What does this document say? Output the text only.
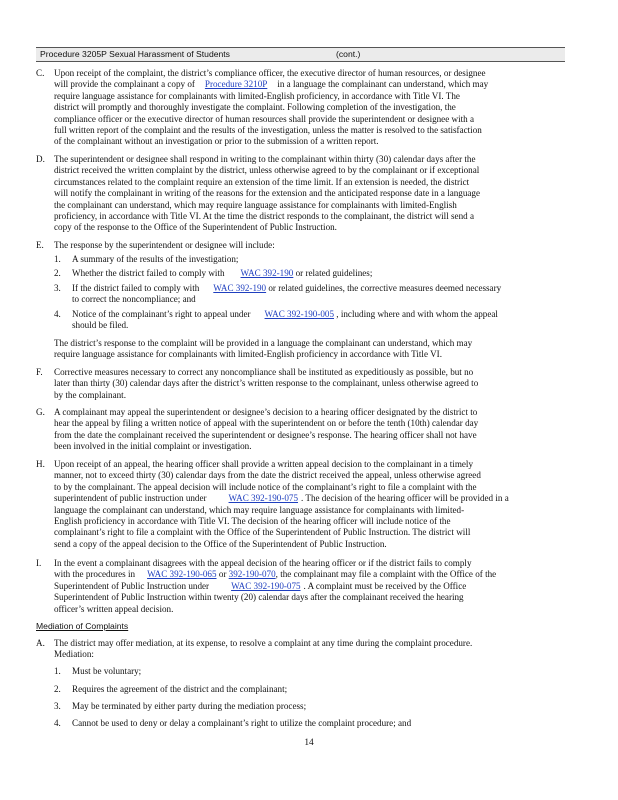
Procedure 3205P Sexual Harassment of Students	(cont.)
C.	Upon receipt of the complaint, the district’s compliance officer, the executive director of human resources, or designee
will provide the complainant a copy of Procedure 3210P in a language the complainant can understand, which may
require language assistance for complainants with limited-English proficiency, in accordance with Title VI. The
district will promptly and thoroughly investigate the complaint. Following completion of the investigation, the
compliance officer or the executive director of human resources shall provide the superintendent or designee with a
full written report of the complaint and the results of the investigation, unless the matter is resolved to the satisfaction
of the complainant without an investigation or prior to the submission of a written report.
D.	The superintendent or designee shall respond in writing to the complainant within thirty (30) calendar days after the
district received the written complaint by the district, unless otherwise agreed to by the complainant or if exceptional
circumstances related to the complaint require an extension of the time limit. If an extension is needed, the district
will notify the complainant in writing of the reasons for the extension and the anticipated response date in a language
the complainant can understand, which may require language assistance for complainants with limited-English
proficiency, in accordance with Title VI. At the time the district responds to the complainant, the district will send a
copy of the response to the Office of the Superintendent of Public Instruction.
E.	The response by the superintendent or designee will include:
1.	A summary of the results of the investigation;
2.	Whether the district failed to comply with WAC 392-190 or related guidelines;
3.	If the district failed to comply with WAC 392-190 or related guidelines, the corrective measures deemed necessary
to correct the noncompliance; and
4.	Notice of the complainant’s right to appeal under WAC 392-190-005 , including where and with whom the appeal
should be filed.
The district’s response to the complaint will be provided in a language the complainant can understand, which may
require language assistance for complainants with limited-English proficiency in accordance with Title VI.
F.	Corrective measures necessary to correct any noncompliance shall be instituted as expeditiously as possible, but no
later than thirty (30) calendar days after the district’s written response to the complainant, unless otherwise agreed to
by the complainant.
G.	A complainant may appeal the superintendent or designee’s decision to a hearing officer designated by the district to
hear the appeal by filing a written notice of appeal with the superintendent on or before the tenth (10th) calendar day
from the date the complainant received the superintendent or designee’s response. The hearing officer shall not have
been involved in the initial complaint or investigation.
H.	Upon receipt of an appeal, the hearing officer shall provide a written appeal decision to the complainant in a timely
manner, not to exceed thirty (30) calendar days from the date the district received the appeal, unless otherwise agreed
to by the complainant. The appeal decision will include notice of the complainant’s right to file a complaint with the
superintendent of public instruction under WAC 392-190-075 . The decision of the hearing officer will be provided in a
language the complainant can understand, which may require language assistance for complainants with limited-
English proficiency in accordance with Title VI. The decision of the hearing officer will include notice of the
complainant’s right to file a complaint with the Office of the Superintendent of Public Instruction. The district will
send a copy of the appeal decision to the Office of the Superintendent of Public Instruction.
I.	In the event a complainant disagrees with the appeal decision of the hearing officer or if the district fails to comply
with the procedures in WAC 392-190-065 or 392-190-070, the complainant may file a complaint with the Office of the
Superintendent of Public Instruction under WAC 392-190-075 . A complaint must be received by the Office
Superintendent of Public Instruction within twenty (20) calendar days after the complainant received the hearing
officer’s written appeal decision.
Mediation of Complaints
A.	The district may offer mediation, at its expense, to resolve a complaint at any time during the complaint procedure.
Mediation:
1.	Must be voluntary;
2.	Requires the agreement of the district and the complainant;
3.	May be terminated by either party during the mediation process;
4.	Cannot be used to deny or delay a complainant’s right to utilize the complaint procedure; and
14
